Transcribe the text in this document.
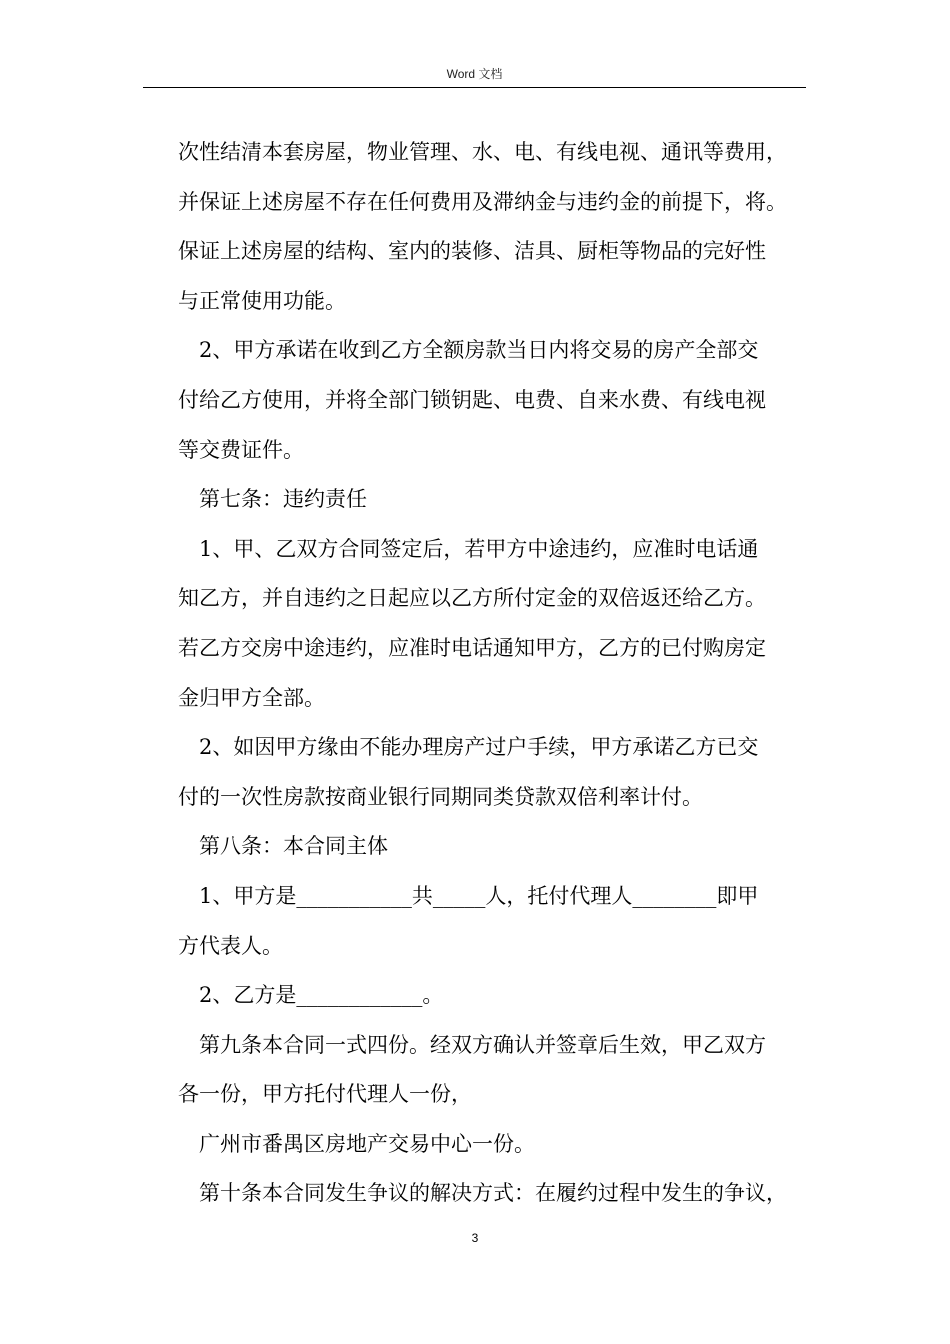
Word 文档
次性结清本套房屋，物业管理、水、电、有线电视、通讯等费用，
并保证上述房屋不存在任何费用及滞纳金与违约金的前提下，将。
保证上述房屋的结构、室内的装修、洁具、厨柜等物品的完好性
与正常使用功能。
2、甲方承诺在收到乙方全额房款当日内将交易的房产全部交
付给乙方使用，并将全部门锁钥匙、电费、自来水费、有线电视
等交费证件。
第七条：违约责任
1、甲、乙双方合同签定后，若甲方中途违约，应准时电话通
知乙方，并自违约之日起应以乙方所付定金的双倍返还给乙方。
若乙方交房中途违约，应准时电话通知甲方，乙方的已付购房定
金归甲方全部。
2、如因甲方缘由不能办理房产过户手续，甲方承诺乙方已交
付的一次性房款按商业银行同期同类贷款双倍利率计付。
第八条：本合同主体
1、甲方是___________共_____人，托付代理人________即甲
方代表人。
2、乙方是____________。
第九条本合同一式四份。经双方确认并签章后生效，甲乙双方
各一份，甲方托付代理人一份，
广州市番禺区房地产交易中心一份。
第十条本合同发生争议的解决方式：在履约过程中发生的争议，
3
